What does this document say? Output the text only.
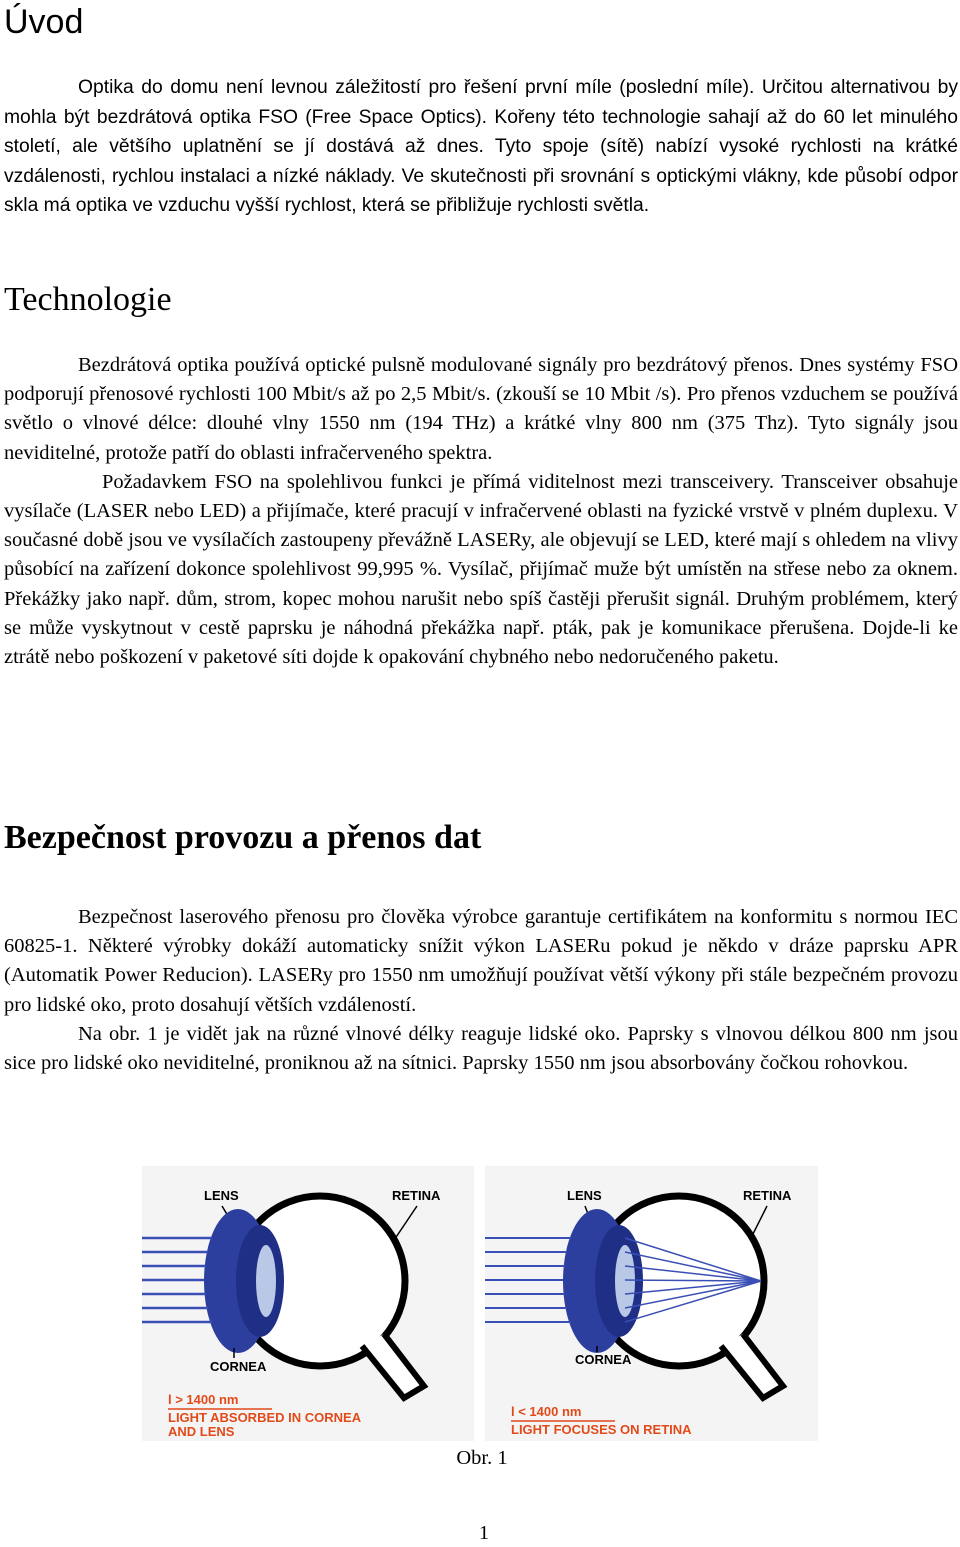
Úvod

Optika do domu není levnou záležitostí pro řešení první míle (poslední míle). Určitou alternativou by mohla být bezdrátová optika FSO (Free Space Optics). Kořeny této technologie sahají až do 60 let minulého století, ale většího uplatnění se jí dostává až dnes. Tyto spoje (sítě) nabízí vysoké rychlosti na krátké vzdálenosti, rychlou instalaci a nízké náklady. Ve skutečnosti při srovnání s optickými vlákny, kde působí odpor skla má optika ve vzduchu vyšší rychlost, která se přibližuje rychlosti světla.

Technologie

Bezdrátová optika používá optické pulsně modulované signály pro bezdrátový přenos. Dnes systémy FSO podporují přenosové rychlosti 100 Mbit/s až po 2,5 Mbit/s. (zkouší se 10 Mbit /s). Pro přenos vzduchem se používá světlo o vlnové délce: dlouhé vlny 1550 nm (194 THz) a krátké vlny 800 nm (375 Thz). Tyto signály jsou neviditelné, protože patří do oblasti infračerveného spektra.

Požadavkem FSO na spolehlivou funkci je přímá viditelnost mezi transceivery. Transceiver obsahuje vysílače (LASER nebo LED) a přijímače, které pracují v infračervené oblasti na fyzické vrstvě v plném duplexu. V současné době jsou ve vysílačích zastoupeny převážně LASERy, ale objevují se LED, které mají s ohledem na vlivy působící na zařízení dokonce spolehlivost 99,995 %. Vysílač, přijímač muže být umístěn na střese nebo za oknem. Překážky jako např. dům, strom, kopec mohou narušit nebo spíš častěji přerušit signál. Druhým problémem, který se může vyskytnout v cestě paprsku je náhodná překážka např. pták, pak je komunikace přerušena. Dojde-li ke ztrátě nebo poškození v paketové síti dojde k opakování chybného nebo nedoručeného paketu.

Bezpečnost provozu a přenos dat

Bezpečnost laserového přenosu pro člověka výrobce garantuje certifikátem na konformitu s normou IEC 60825-1. Některé výrobky dokáží automaticky snížit výkon LASERu pokud je někdo v dráze paprsku APR (Automatik Power Reducion). LASERy pro 1550 nm umožňují používat větší výkony při stále bezpečném provozu pro lidské oko, proto dosahují větších vzdáleností.

Na obr. 1 je vidět jak na různé vlnové délky reaguje lidské oko. Paprsky s vlnovou délkou 800 nm jsou sice pro lidské oko neviditelné, proniknou až na sítnici. Paprsky 1550 nm jsou absorbovány čočkou rohovkou.

LENS	RETINA
CORNEA
l > 1400 nm
LIGHT ABSORBED IN CORNEA
AND LENS
LENS	RETINA
CORNEA
l < 1400 nm
LIGHT FOCUSES ON RETINA
Obr. 1
1
